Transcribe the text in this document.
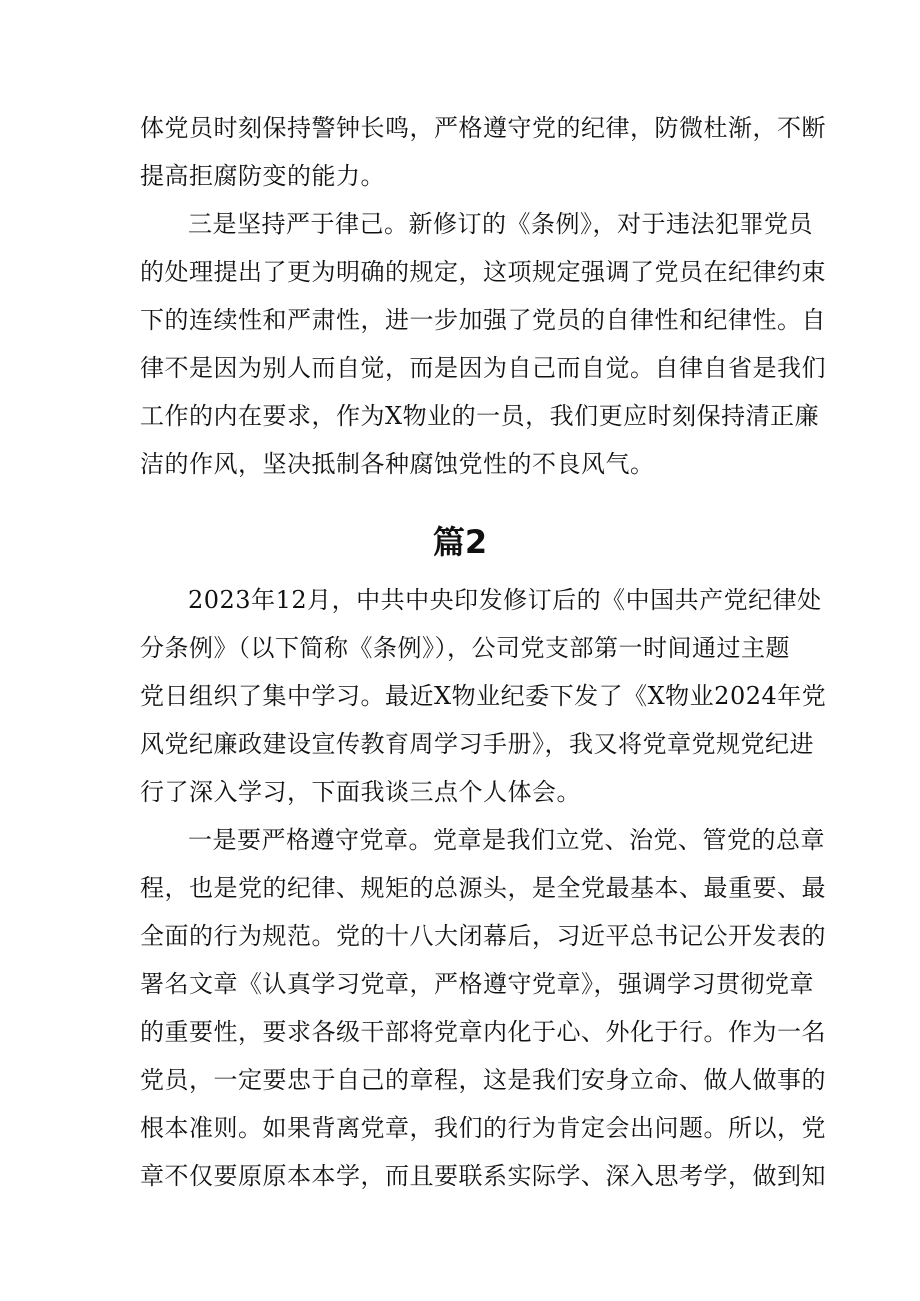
体党员时刻保持警钟长鸣，严格遵守党的纪律，防微杜渐，不断
提高拒腐防变的能力。
三是坚持严于律己。新修订的《条例》，对于违法犯罪党员
的处理提出了更为明确的规定，这项规定强调了党员在纪律约束
下的连续性和严肃性，进一步加强了党员的自律性和纪律性。自
律不是因为别人而自觉，而是因为自己而自觉。自律自省是我们
工作的内在要求，作为X物业的一员，我们更应时刻保持清正廉
洁的作风，坚决抵制各种腐蚀党性的不良风气。
篇2
2023年12月，中共中央印发修订后的《中国共产党纪律处
分条例》（以下简称《条例》），公司党支部第一时间通过主题
党日组织了集中学习。最近X物业纪委下发了《X物业2024年党
风党纪廉政建设宣传教育周学习手册》，我又将党章党规党纪进
行了深入学习，下面我谈三点个人体会。
一是要严格遵守党章。党章是我们立党、治党、管党的总章
程，也是党的纪律、规矩的总源头，是全党最基本、最重要、最
全面的行为规范。党的十八大闭幕后，习近平总书记公开发表的
署名文章《认真学习党章，严格遵守党章》，强调学习贯彻党章
的重要性，要求各级干部将党章内化于心、外化于行。作为一名
党员，一定要忠于自己的章程，这是我们安身立命、做人做事的
根本准则。如果背离党章，我们的行为肯定会出问题。所以，党
章不仅要原原本本学，而且要联系实际学、深入思考学，做到知
